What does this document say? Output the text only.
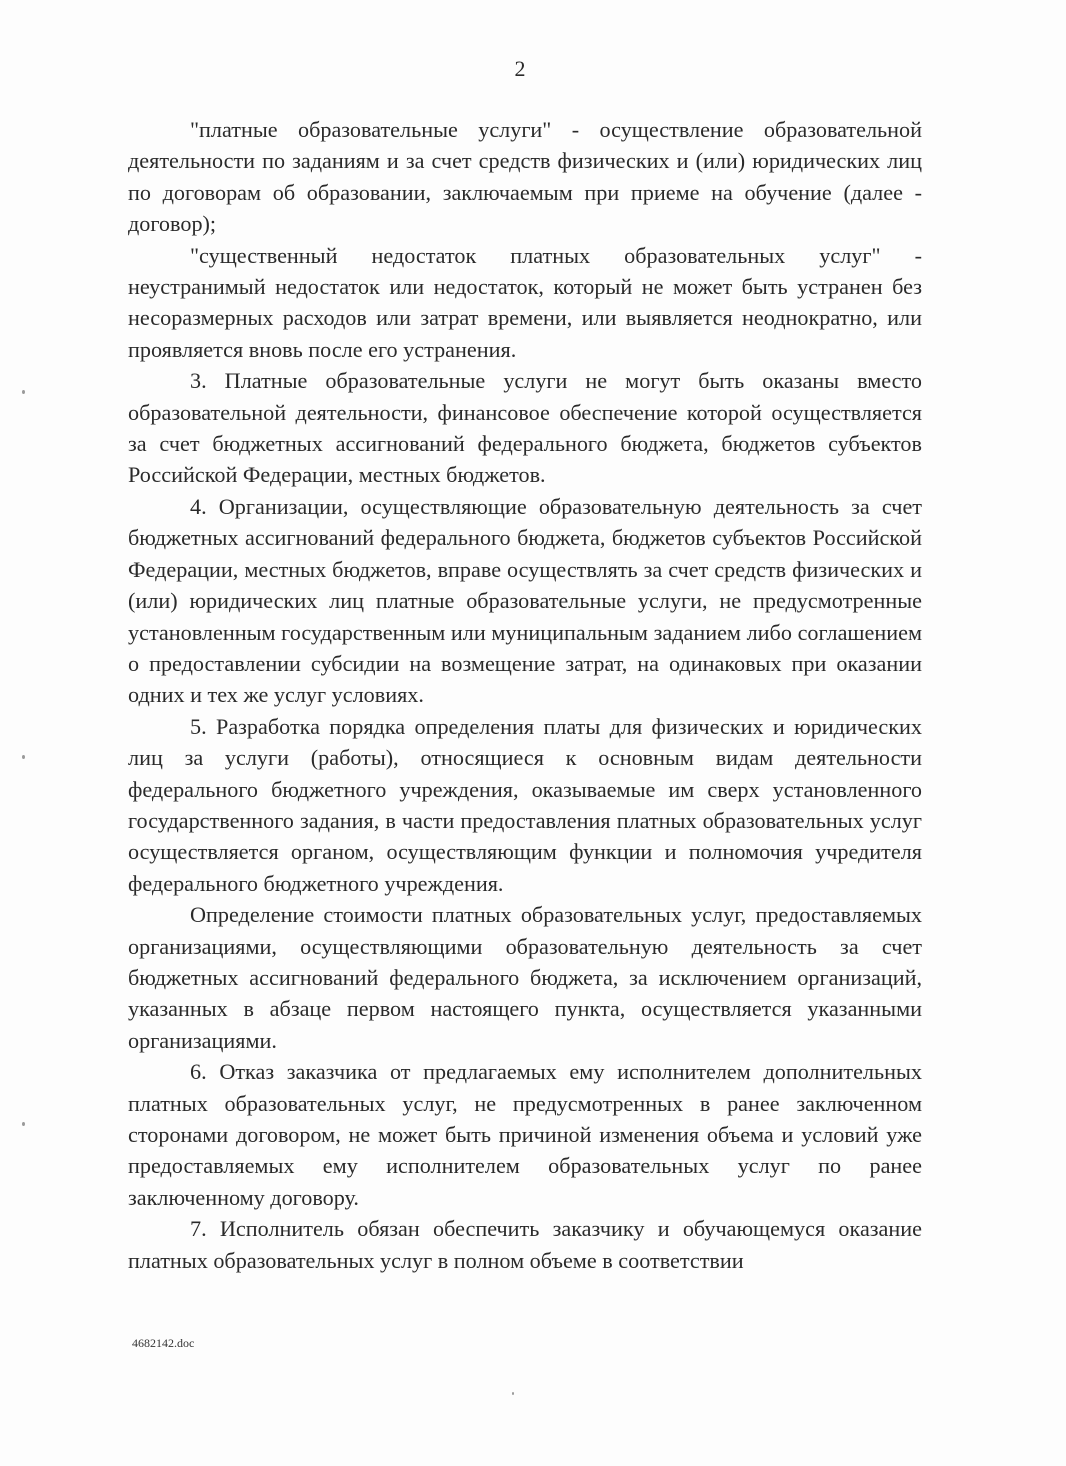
2

"платные образовательные услуги" - осуществление образовательной деятельности по заданиям и за счет средств физических и (или) юридических лиц по договорам об образовании, заключаемым при приеме на обучение (далее - договор);

"существенный недостаток платных образовательных услуг" - неустранимый недостаток или недостаток, который не может быть устранен без несоразмерных расходов или затрат времени, или выявляется неоднократно, или проявляется вновь после его устранения.

3. Платные образовательные услуги не могут быть оказаны вместо образовательной деятельности, финансовое обеспечение которой осуществляется за счет бюджетных ассигнований федерального бюджета, бюджетов субъектов Российской Федерации, местных бюджетов.

4. Организации, осуществляющие образовательную деятельность за счет бюджетных ассигнований федерального бюджета, бюджетов субъектов Российской Федерации, местных бюджетов, вправе осуществлять за счет средств физических и (или) юридических лиц платные образовательные услуги, не предусмотренные установленным государственным или муниципальным заданием либо соглашением о предоставлении субсидии на возмещение затрат, на одинаковых при оказании одних и тех же услуг условиях.

5. Разработка порядка определения платы для физических и юридических лиц за услуги (работы), относящиеся к основным видам деятельности федерального бюджетного учреждения, оказываемые им сверх установленного государственного задания, в части предоставления платных образовательных услуг осуществляется органом, осуществляющим функции и полномочия учредителя федерального бюджетного учреждения.

Определение стоимости платных образовательных услуг, предоставляемых организациями, осуществляющими образовательную деятельность за счет бюджетных ассигнований федерального бюджета, за исключением организаций, указанных в абзаце первом настоящего пункта, осуществляется указанными организациями.

6. Отказ заказчика от предлагаемых ему исполнителем дополнительных платных образовательных услуг, не предусмотренных в ранее заключенном сторонами договором, не может быть причиной изменения объема и условий уже предоставляемых ему исполнителем образовательных услуг по ранее заключенному договору.

7. Исполнитель обязан обеспечить заказчику и обучающемуся оказание платных образовательных услуг в полном объеме в соответствии

4682142.doc
